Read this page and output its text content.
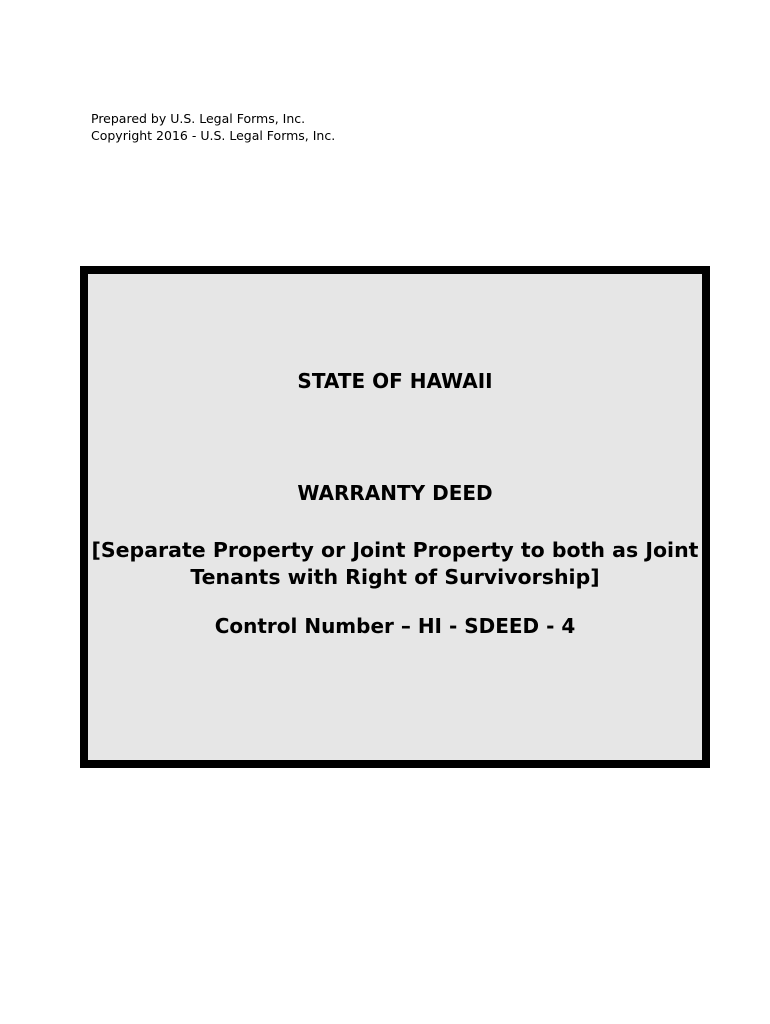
Prepared by U.S. Legal Forms, Inc.
Copyright 2016 - U.S. Legal Forms, Inc.
STATE OF HAWAII
WARRANTY DEED
[Separate Property or Joint Property to both as Joint
Tenants with Right of Survivorship]
Control Number – HI - SDEED - 4
